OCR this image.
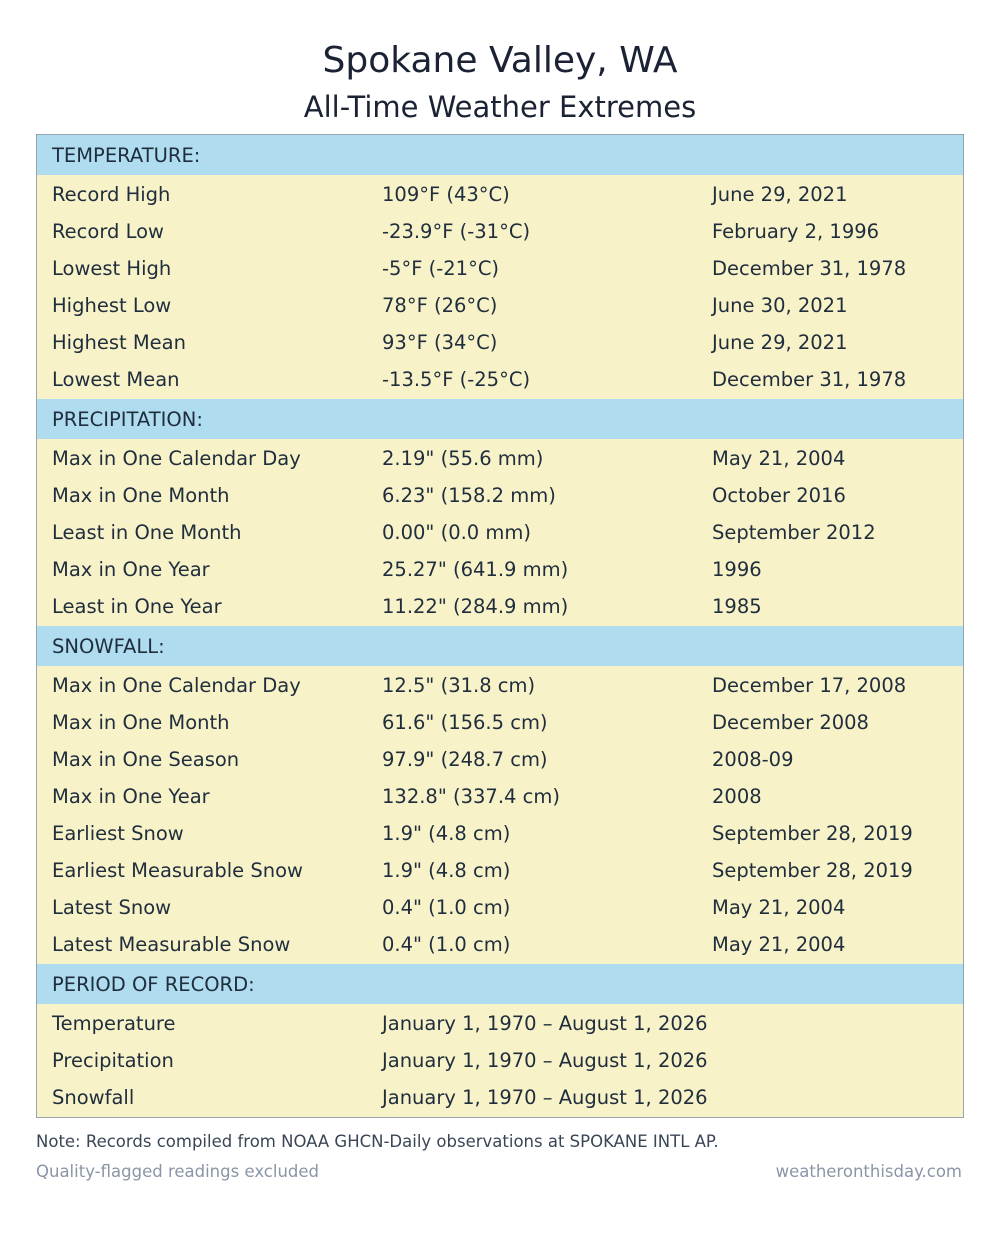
Spokane Valley, WA
All-Time Weather Extremes
TEMPERATURE:
Record High	109°F (43°C)	June 29, 2021
Record Low	-23.9°F (-31°C)	February 2, 1996
Lowest High	-5°F (-21°C)	December 31, 1978
Highest Low	78°F (26°C)	June 30, 2021
Highest Mean	93°F (34°C)	June 29, 2021
Lowest Mean	-13.5°F (-25°C)	December 31, 1978
PRECIPITATION:
Max in One Calendar Day	2.19" (55.6 mm)	May 21, 2004
Max in One Month	6.23" (158.2 mm)	October 2016
Least in One Month	0.00" (0.0 mm)	September 2012
Max in One Year	25.27" (641.9 mm)	1996
Least in One Year	11.22" (284.9 mm)	1985
SNOWFALL:
Max in One Calendar Day	12.5" (31.8 cm)	December 17, 2008
Max in One Month	61.6" (156.5 cm)	December 2008
Max in One Season	97.9" (248.7 cm)	2008-09
Max in One Year	132.8" (337.4 cm)	2008
Earliest Snow	1.9" (4.8 cm)	September 28, 2019
Earliest Measurable Snow	1.9" (4.8 cm)	September 28, 2019
Latest Snow	0.4" (1.0 cm)	May 21, 2004
Latest Measurable Snow	0.4" (1.0 cm)	May 21, 2004
PERIOD OF RECORD:
Temperature	January 1, 1970 – August 1, 2026
Precipitation	January 1, 1970 – August 1, 2026
Snowfall	January 1, 1970 – August 1, 2026
Note: Records compiled from NOAA GHCN-Daily observations at SPOKANE INTL AP.
Quality-flagged readings excluded	weatheronthisday.com
